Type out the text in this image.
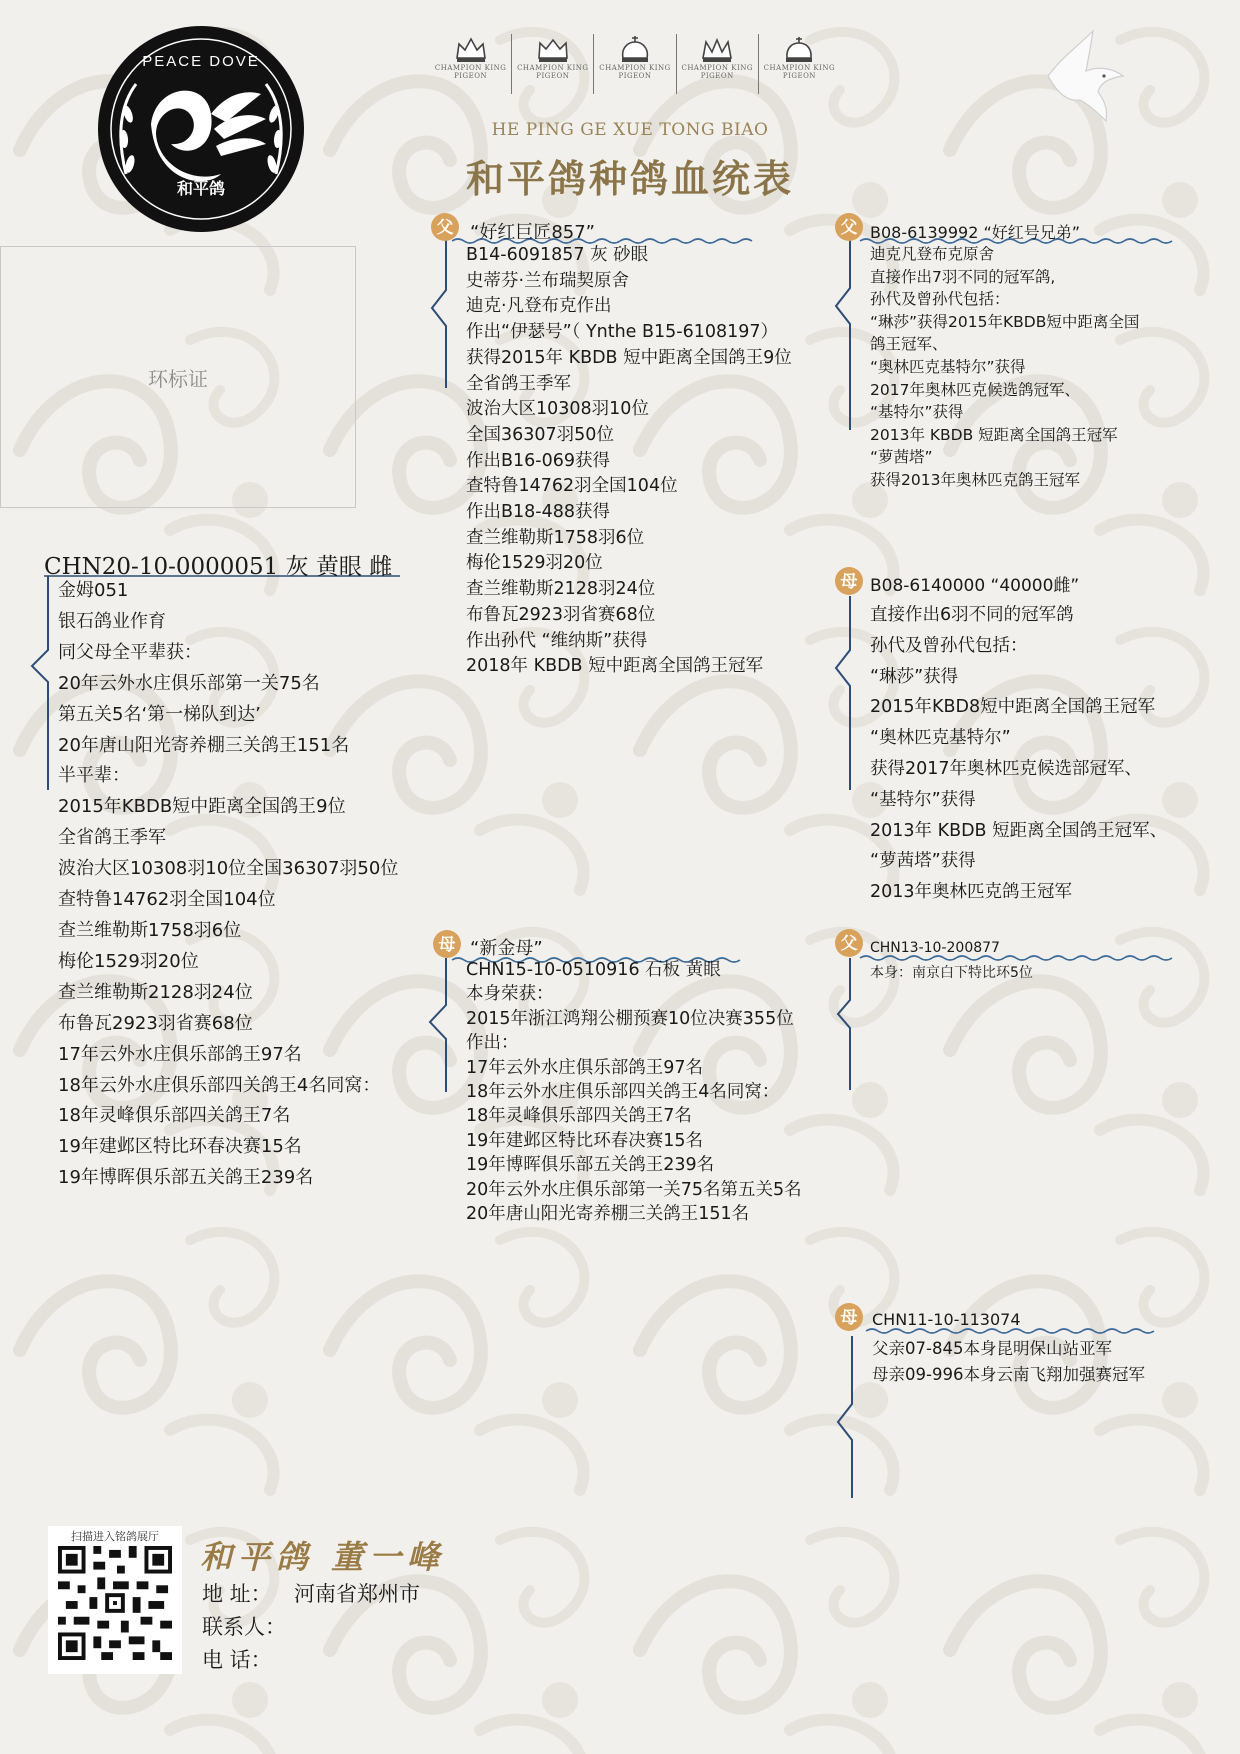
PEACE DOVE
和平鸽
CHAMPION KING PIGEON
CHAMPION KING PIGEON
CHAMPION KING PIGEON
CHAMPION KING PIGEON
CHAMPION KING PIGEON
HE PING GE XUE TONG BIAO
和平鸽种鸽血统表
环标证
父
母
父
母
父
母
CHN20-10-0000051 灰 黄眼 雌
金姆051
银石鸽业作育
同父母全平辈获：
20年云外水庄俱乐部第一关75名
第五关5名‘第一梯队到达’
20年唐山阳光寄养棚三关鸽王151名
半平辈：
2015年KBDB短中距离全国鸽王9位
全省鸽王季军
波治大区10308羽10位全国36307羽50位
查特鲁14762羽全国104位
查兰维勒斯1758羽6位
梅伦1529羽20位
查兰维勒斯2128羽24位
布鲁瓦2923羽省赛68位
17年云外水庄俱乐部鸽王97名
18年云外水庄俱乐部四关鸽王4名同窝：
18年灵峰俱乐部四关鸽王7名
19年建邺区特比环春决赛15名
19年博晖俱乐部五关鸽王239名
“好红巨匠857”
B14-6091857 灰 砂眼
史蒂芬·兰布瑞契原舍
迪克·凡登布克作出
作出“伊瑟号”（ Ynthe B15-6108197）
获得2015年 KBDB 短中距离全国鸽王9位
全省鸽王季军
波治大区10308羽10位
全国36307羽50位
作出B16-069获得
查特鲁14762羽全国104位
作出B18-488获得
查兰维勒斯1758羽6位
梅伦1529羽20位
查兰维勒斯2128羽24位
布鲁瓦2923羽省赛68位
作出孙代 “维纳斯”获得
2018年 KBDB 短中距离全国鸽王冠军
“新金母”
CHN15-10-0510916 石板 黄眼
本身荣获：
2015年浙江鸿翔公棚预赛10位决赛355位
作出：
17年云外水庄俱乐部鸽王97名
18年云外水庄俱乐部四关鸽王4名同窝：
18年灵峰俱乐部四关鸽王7名
19年建邺区特比环春决赛15名
19年博晖俱乐部五关鸽王239名
20年云外水庄俱乐部第一关75名第五关5名
20年唐山阳光寄养棚三关鸽王151名
B08-6139992 “好红号兄弟”
迪克凡登布克原舍
直接作出7羽不同的冠军鸽,
孙代及曾孙代包括：
“琳莎”获得2015年KBDB短中距离全国
鸽王冠军、
“奥林匹克基特尔”获得
2017年奥林匹克候选鸽冠军、
“基特尔”获得
2013年 KBDB 短距离全国鸽王冠军
“萝茜塔”
获得2013年奥林匹克鸽王冠军
B08-6140000 “40000雌”
直接作出6羽不同的冠军鸽
孙代及曾孙代包括：
“琳莎”获得
2015年KBD8短中距离全国鸽王冠军
“奥林匹克基特尔”
获得2017年奥林匹克候选部冠军、
“基特尔”获得
2013年 KBDB 短距离全国鸽王冠军、
“萝茜塔”获得
2013年奥林匹克鸽王冠军
CHN13-10-200877
本身：南京白下特比环5位
CHN11-10-113074
父亲07-845本身昆明保山站亚军
母亲09-996本身云南飞翔加强赛冠军
扫描进入铭鸽展厅
和平鸽 董一峰
地 址： 河南省郑州市
联系人：
电 话：
